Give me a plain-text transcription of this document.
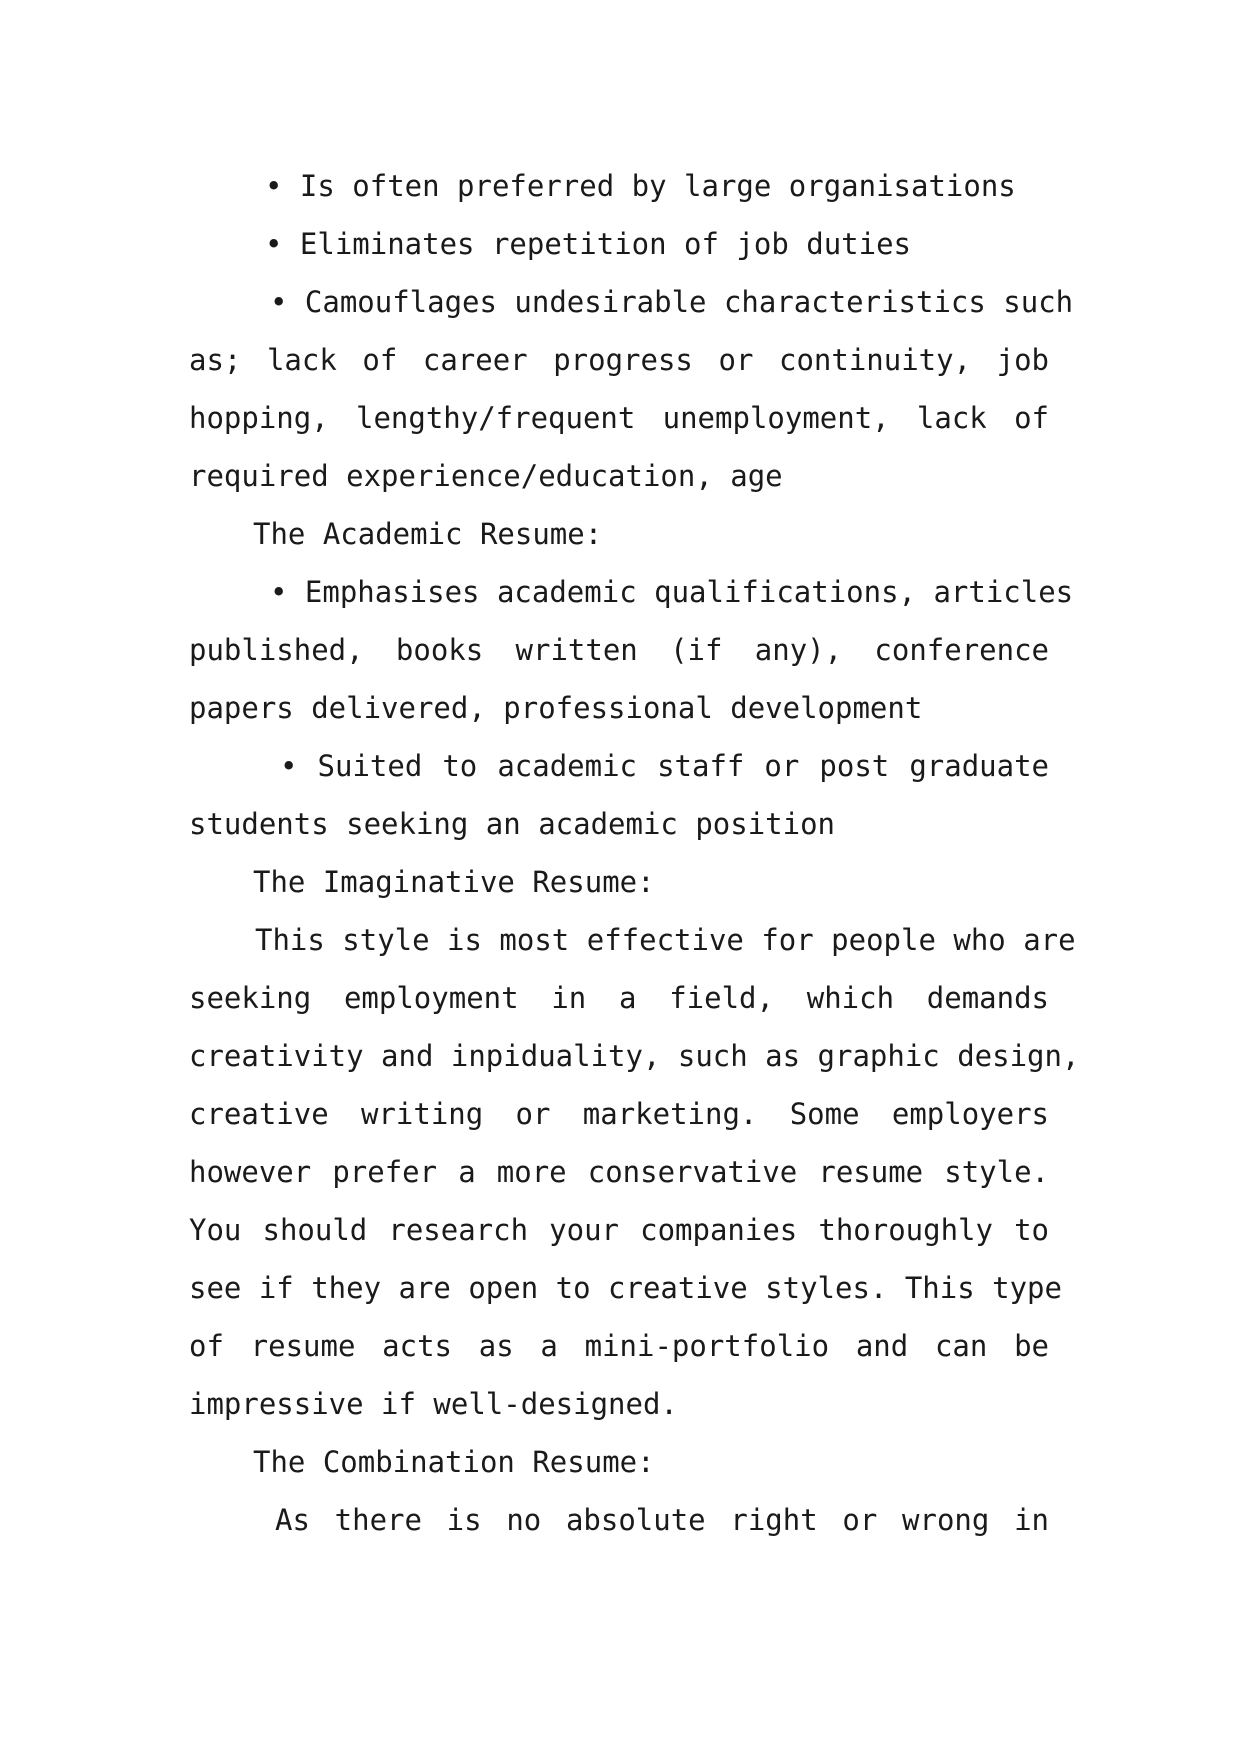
• Is often preferred by large organisations
• Eliminates repetition of job duties
• Camouflages undesirable characteristics such
as; lack of career progress or continuity, job
hopping, lengthy/frequent unemployment, lack of
required experience/education, age
The Academic Resume:
• Emphasises academic qualifications, articles
published, books written (if any), conference
papers delivered, professional development
• Suited to academic staff or post graduate
students seeking an academic position
The Imaginative Resume:
This style is most effective for people who are
seeking employment in a field, which demands
creativity and inpiduality, such as graphic design,
creative writing or marketing. Some employers
however prefer a more conservative resume style.
You should research your companies thoroughly to
see if they are open to creative styles. This type
of resume acts as a mini-portfolio and can be
impressive if well-designed.
The Combination Resume:
As there is no absolute right or wrong in
